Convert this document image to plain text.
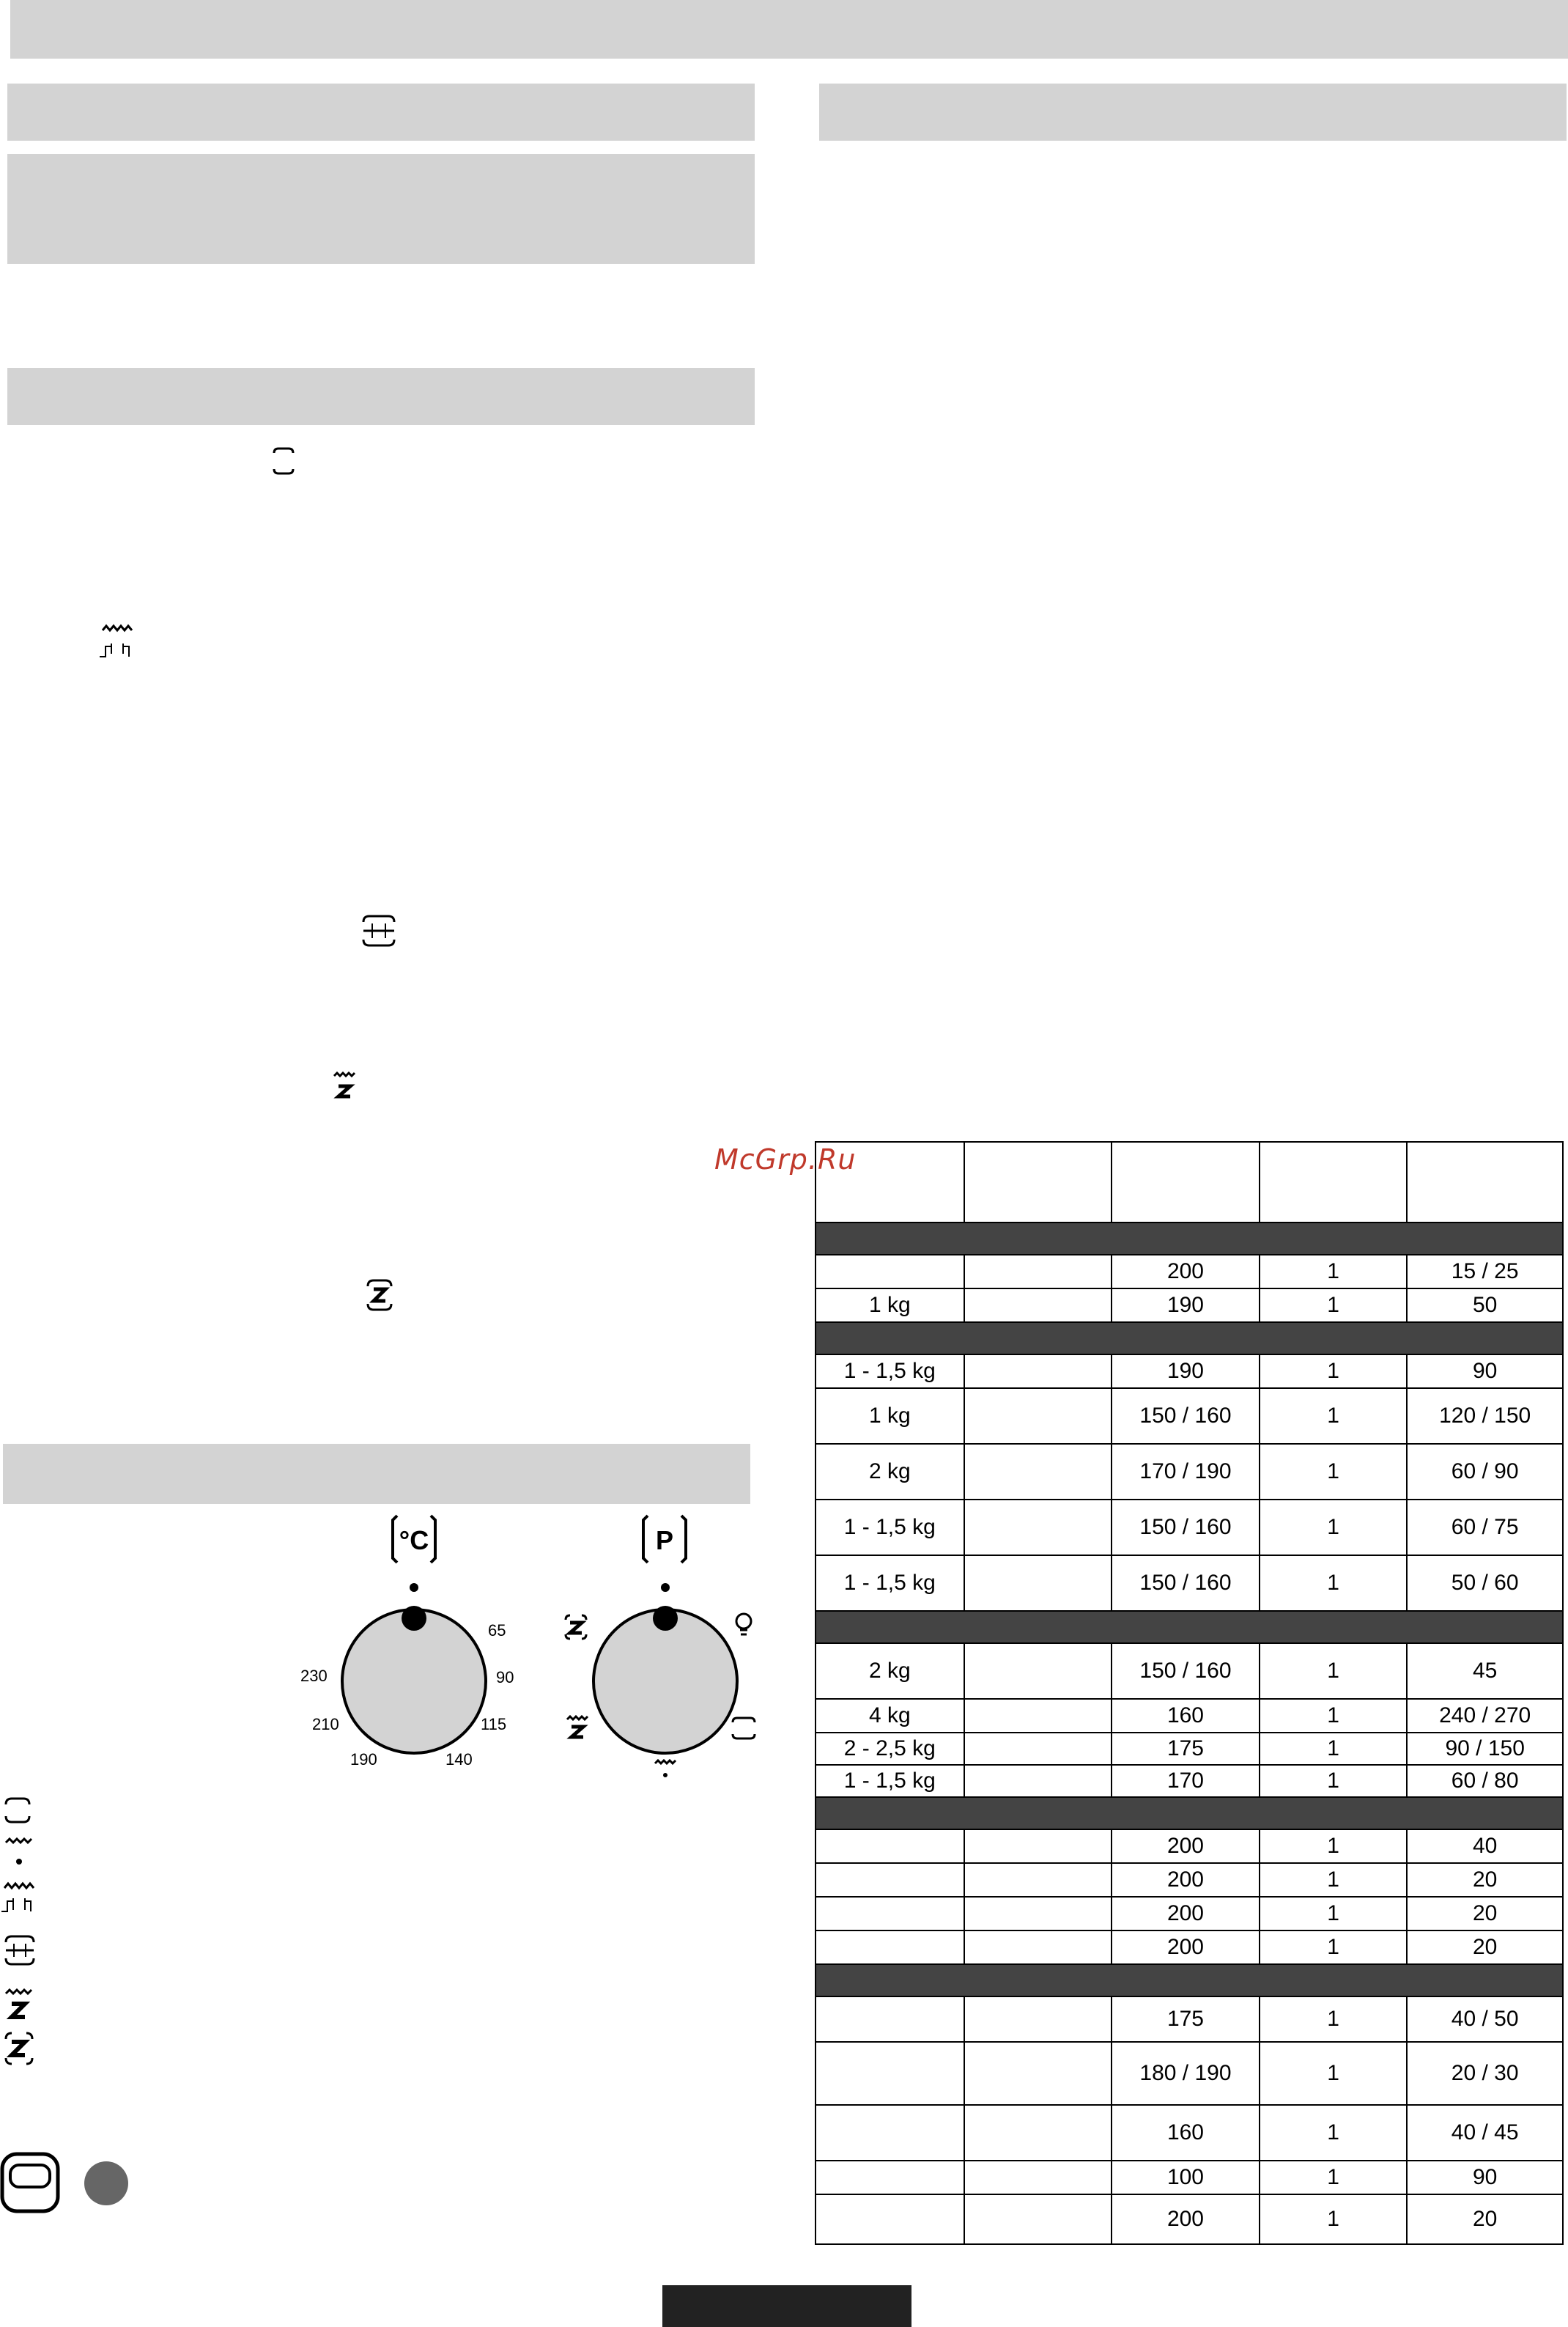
°C
65
90
115
140
190
210
230
P
McGrp.Ru

		200	1	15 / 25
1 kg		190	1	50

1 - 1,5 kg		190	1	90
1 kg		150 / 160	1	120 / 150
2 kg		170 / 190	1	60 / 90
1 - 1,5 kg		150 / 160	1	60 / 75
1 - 1,5 kg		150 / 160	1	50 / 60

2 kg		150 / 160	1	45
4 kg		160	1	240 / 270
2 - 2,5 kg		175	1	90 / 150
1 - 1,5 kg		170	1	60 / 80

		200	1	40
		200	1	20
		200	1	20
		200	1	20

		175	1	40 / 50
		180 / 190	1	20 / 30
		160	1	40 / 45
		100	1	90
		200	1	20
